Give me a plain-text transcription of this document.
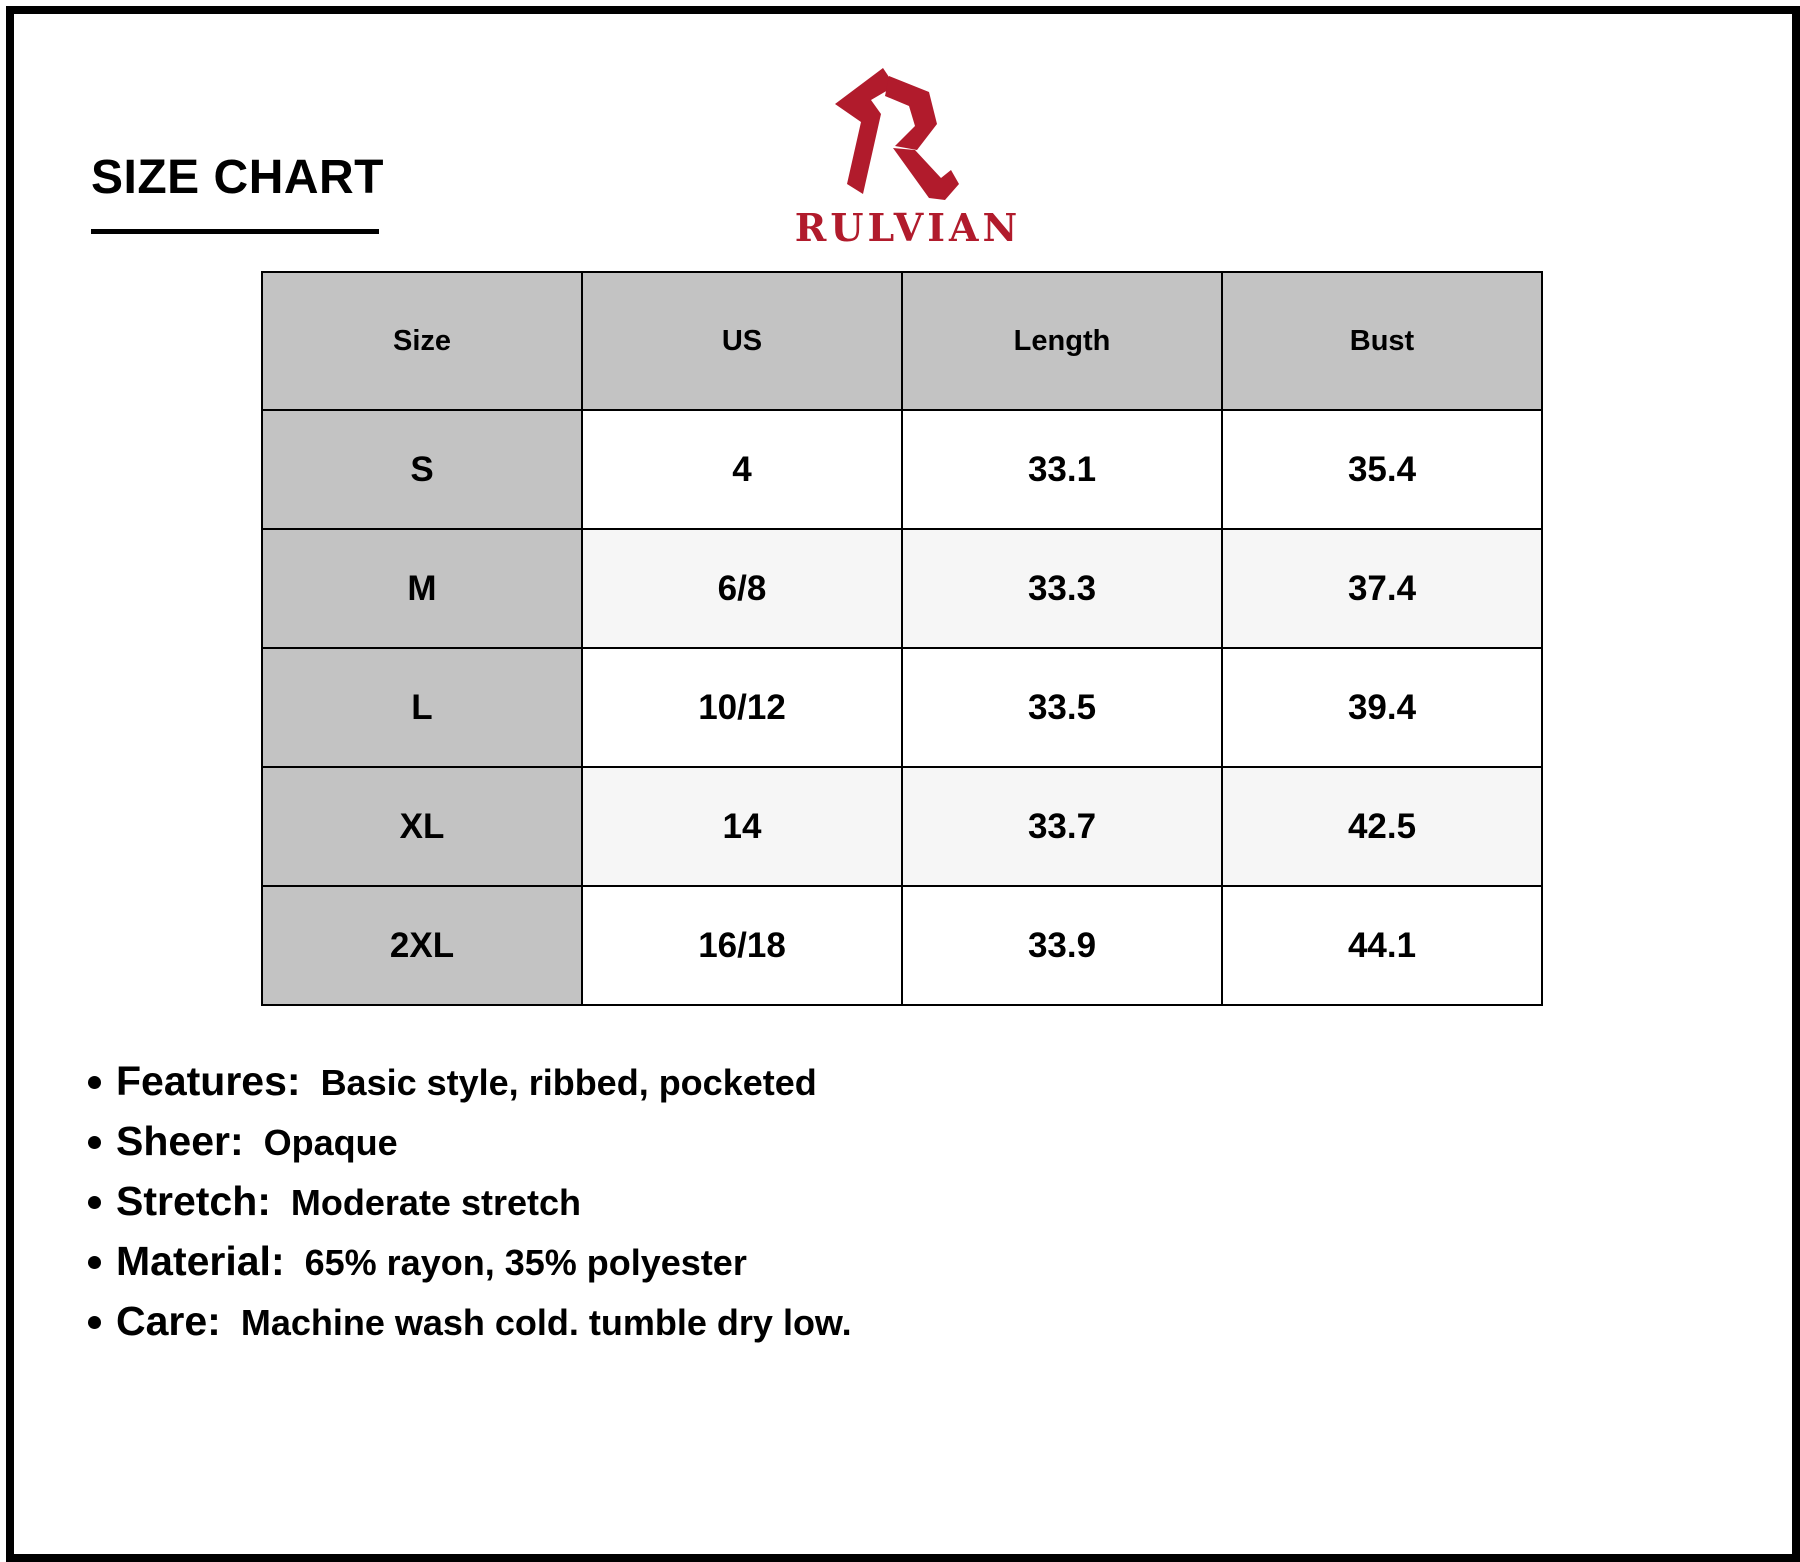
SIZE CHART
RULVIAN
Size	US	Length	Bust
S	4	33.1	35.4
M	6/8	33.3	37.4
L	10/12	33.5	39.4
XL	14	33.7	42.5
2XL	16/18	33.9	44.1
Features: Basic style, ribbed, pocketed
Sheer: Opaque
Stretch: Moderate stretch
Material: 65% rayon, 35% polyester
Care: Machine wash cold. tumble dry low.
